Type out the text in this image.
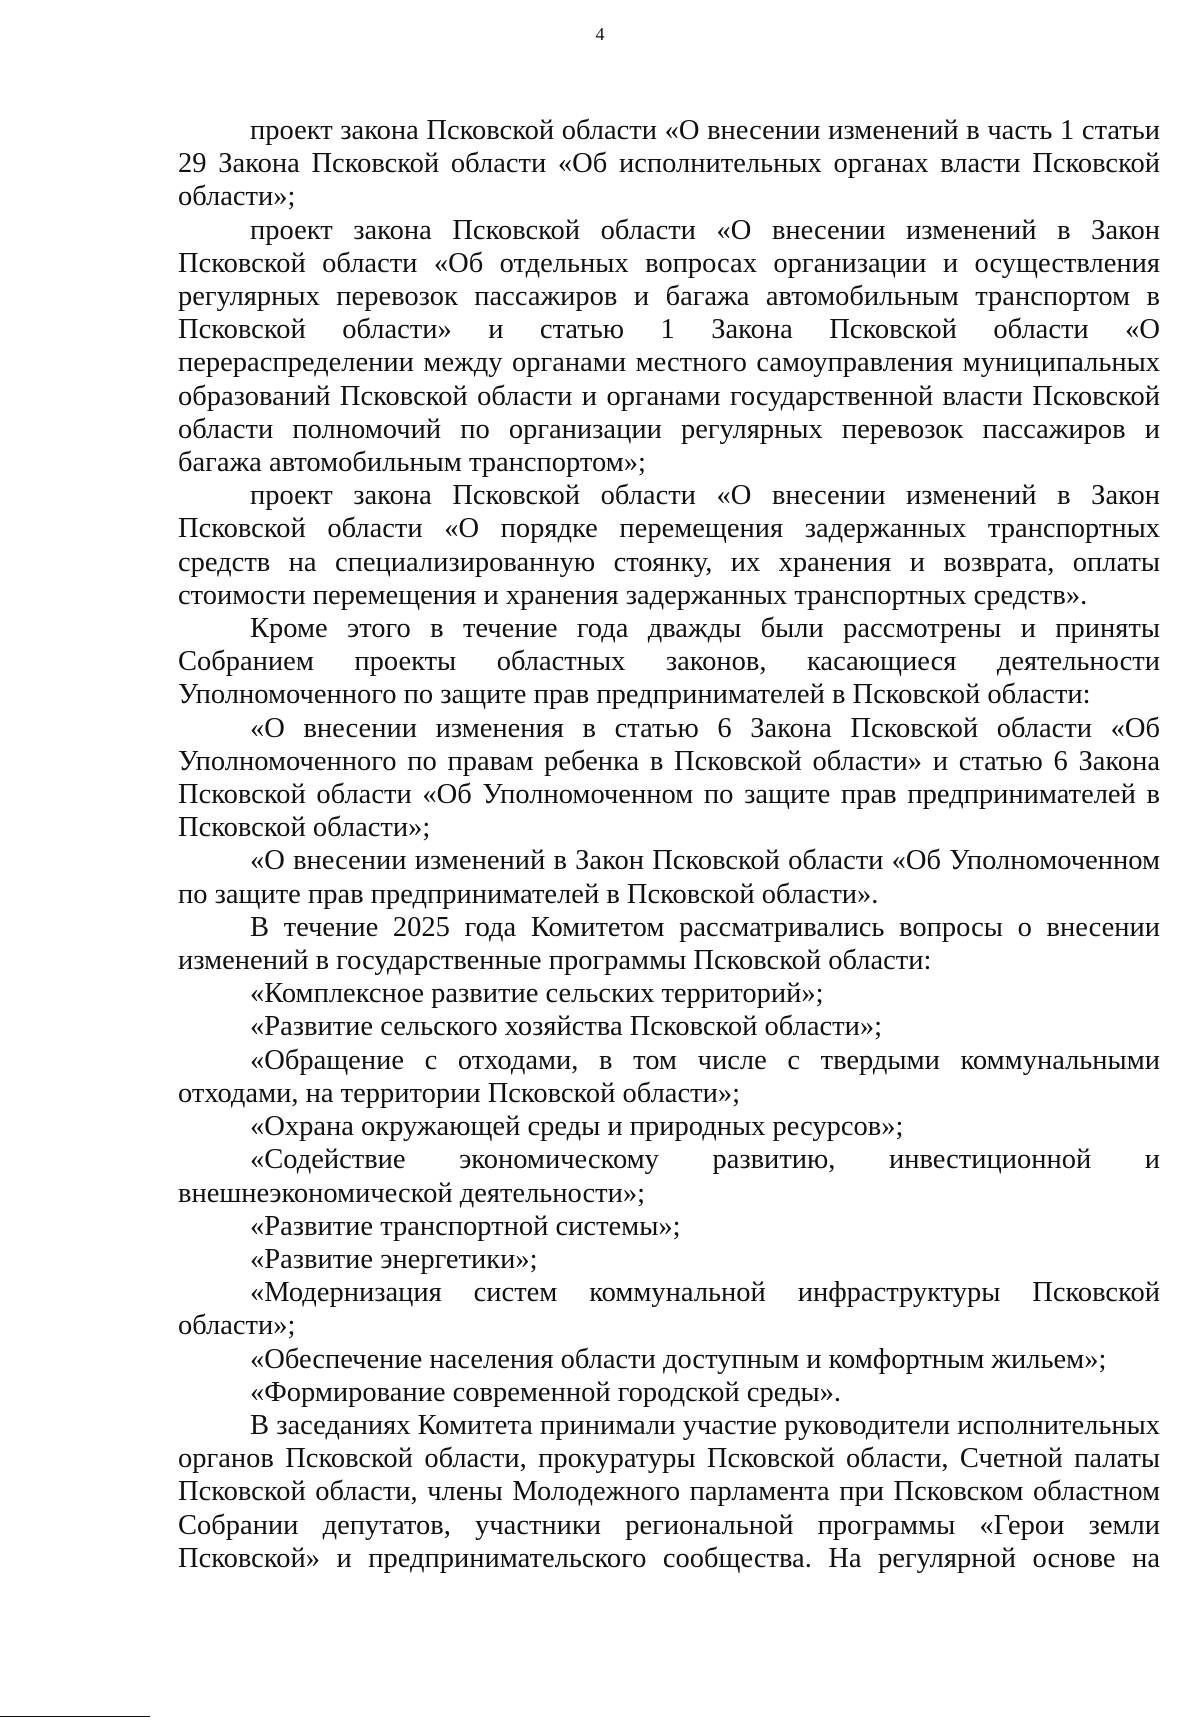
4

проект закона Псковской области «О внесении изменений в часть 1 статьи 29 Закона Псковской области «Об исполнительных органах власти Псковской области»;

проект закона Псковской области «О внесении изменений в Закон Псковской области «Об отдельных вопросах организации и осуществления регулярных перевозок пассажиров и багажа автомобильным транспортом в Псковской области» и статью 1 Закона Псковской области «О перераспределении между органами местного самоуправления муниципальных образований Псковской области и органами государственной власти Псковской области полномочий по организации регулярных перевозок пассажиров и багажа автомобильным транспортом»;

проект закона Псковской области «О внесении изменений в Закон Псковской области «О порядке перемещения задержанных транспортных средств на специализированную стоянку, их хранения и возврата, оплаты стоимости перемещения и хранения задержанных транспортных средств».

Кроме этого в течение года дважды были рассмотрены и приняты Собранием проекты областных законов, касающиеся деятельности Уполномоченного по защите прав предпринимателей в Псковской области:

«О внесении изменения в статью 6 Закона Псковской области «Об Уполномоченного по правам ребенка в Псковской области» и статью 6 Закона Псковской области «Об Уполномоченном по защите прав предпринимателей в Псковской области»;

«О внесении изменений в Закон Псковской области «Об Уполномоченном по защите прав предпринимателей в Псковской области».

В течение 2025 года Комитетом рассматривались вопросы о внесении изменений в государственные программы Псковской области:

«Комплексное развитие сельских территорий»;

«Развитие сельского хозяйства Псковской области»;

«Обращение с отходами, в том числе с твердыми коммунальными отходами, на территории Псковской области»;

«Охрана окружающей среды и природных ресурсов»;

«Содействие экономическому развитию, инвестиционной и внешнеэкономической деятельности»;

«Развитие транспортной системы»;

«Развитие энергетики»;

«Модернизация систем коммунальной инфраструктуры Псковской области»;

«Обеспечение населения области доступным и комфортным жильем»;

«Формирование современной городской среды».

В заседаниях Комитета принимали участие руководители исполнительных органов Псковской области, прокуратуры Псковской области, Счетной палаты Псковской области, члены Молодежного парламента при Псковском областном Собрании депутатов, участники региональной программы «Герои земли Псковской» и предпринимательского сообщества. На регулярной основе на
